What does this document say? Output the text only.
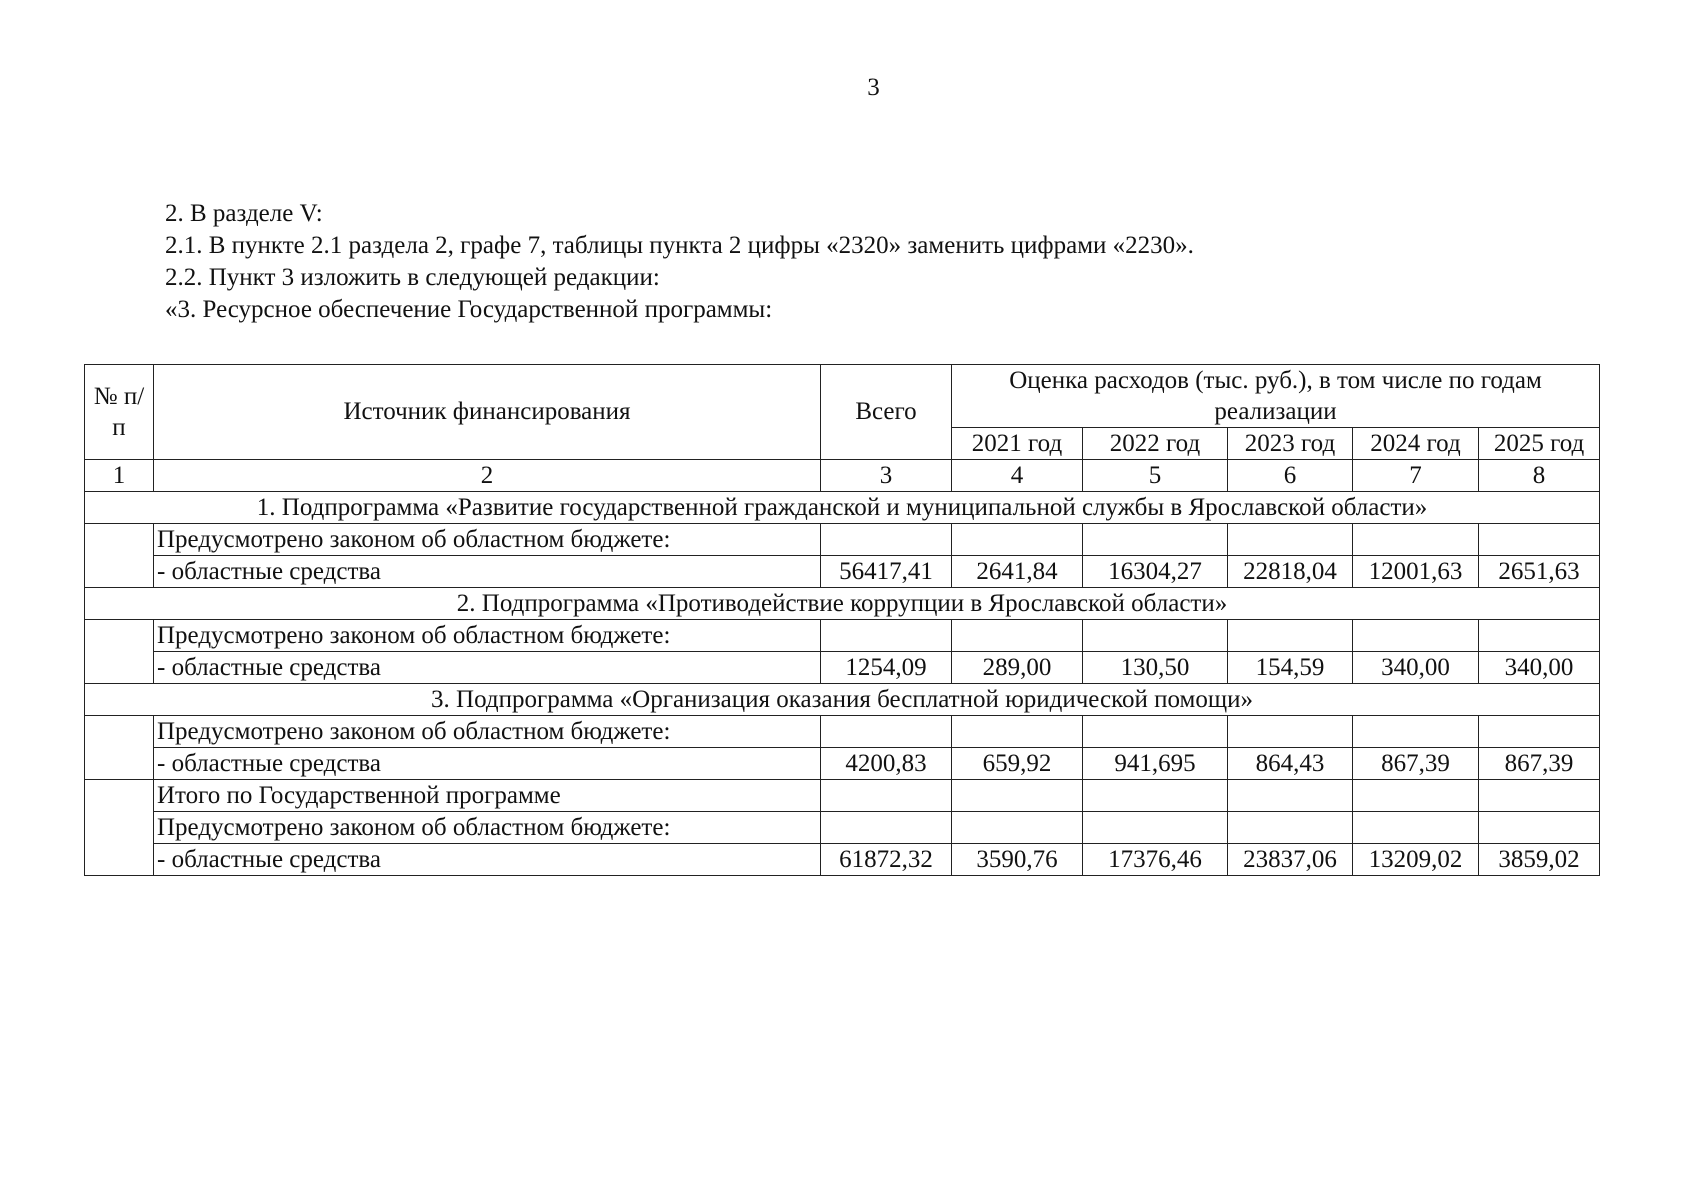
3

2. В разделе V:

2.1. В пункте 2.1 раздела 2, графе 7, таблицы пункта 2 цифры «2320» заменить цифрами «2230».

2.2. Пункт 3 изложить в следующей редакции:

«3. Ресурсное обеспечение Государственной программы:

№ п/п	Источник финансирования	Всего	Оценка расходов (тыс. руб.), в том числе по годам реализации				
			2021 год	2022 год	2023 год	2024 год	2025 год
1	2	3	4	5	6	7	8
1. Подпрограмма «Развитие государственной гражданской и муниципальной службы в Ярославской области»							
	Предусмотрено законом об областном бюджете:						
	- областные средства	56417,41	2641,84	16304,27	22818,04	12001,63	2651,63
2. Подпрограмма «Противодействие коррупции в Ярославской области»							
	Предусмотрено законом об областном бюджете:						
	- областные средства	1254,09	289,00	130,50	154,59	340,00	340,00
3. Подпрограмма «Организация оказания бесплатной юридической помощи»							
	Предусмотрено законом об областном бюджете:						
	- областные средства	4200,83	659,92	941,695	864,43	867,39	867,39
	Итого по Государственной программе						
	Предусмотрено законом об областном бюджете:						
	- областные средства	61872,32	3590,76	17376,46	23837,06	13209,02	3859,02
